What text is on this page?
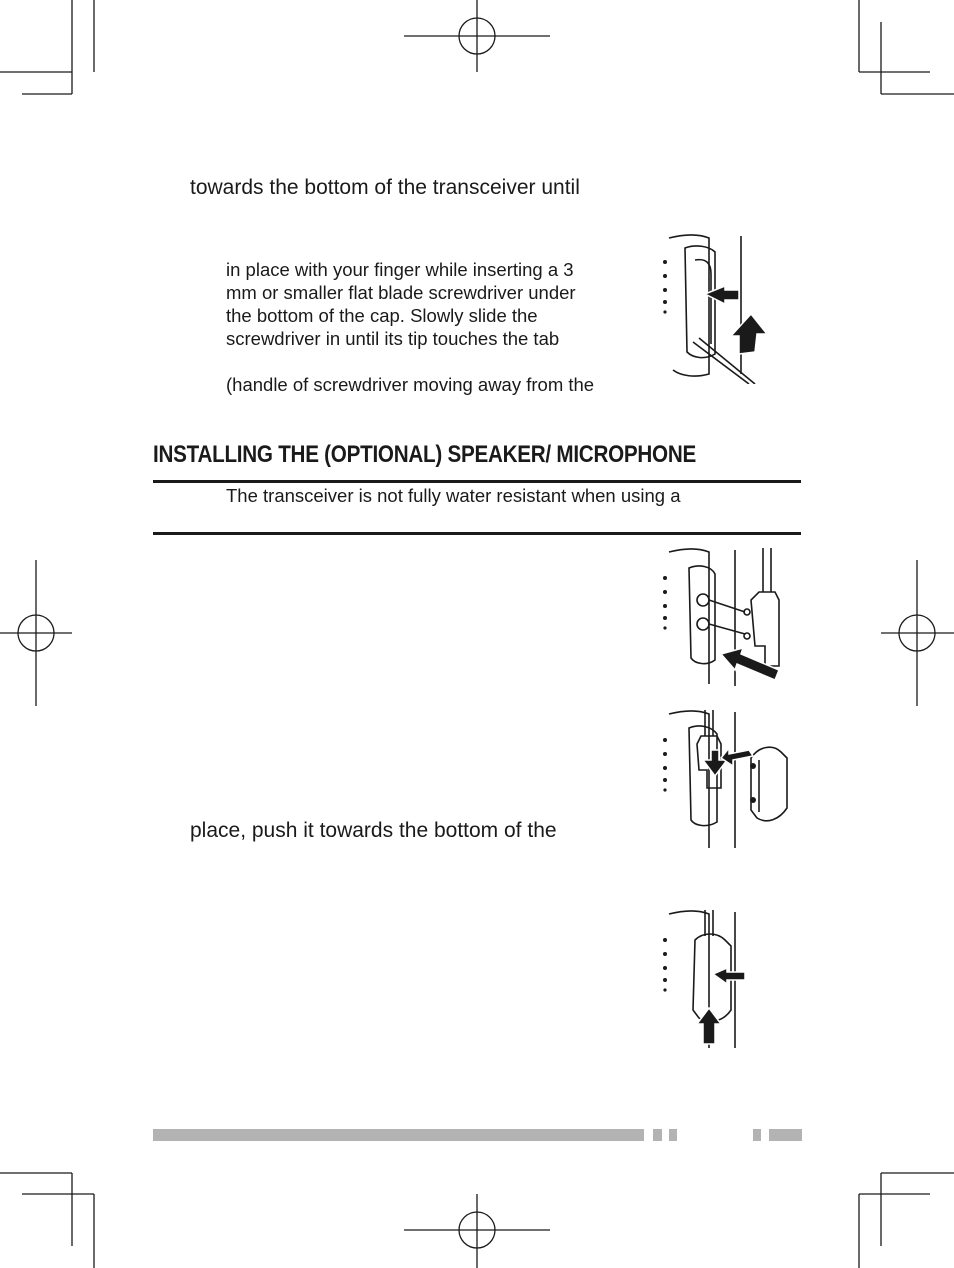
towards the bottom of the transceiver until
in place with your finger while inserting a 3
mm or smaller flat blade screwdriver under
the bottom of the cap. Slowly slide the
screwdriver in until its tip touches the tab
(handle of screwdriver moving away from the
INSTALLING THE (OPTIONAL) SPEAKER/ MICROPHONE
The transceiver is not fully water resistant when using a
place, push it towards the bottom of the
